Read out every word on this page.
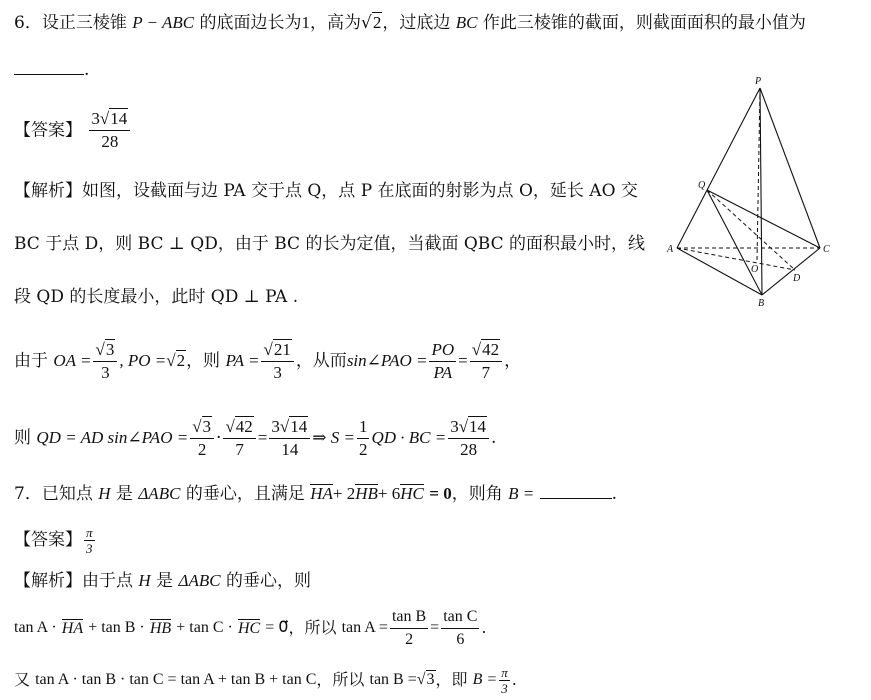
6．设正三棱锥 P − ABC 的底面边长为1，高为√2，过底边 BC 作此三棱锥的截面，则截面面积的最小值为
.
【答案】 $\frac{3√14}{28}$
【解析】如图，设截面与边 PA 交于点 Q，点 P 在底面的射影为点 O，延长 AO 交
BC 于点 D，则 BC ⊥ QD，由于 BC 的长为定值，当截面 QBC 的面积最小时，线
段 QD 的长度最小，此时 QD ⊥ PA .
由于
OA = $\frac{√3}{3}$ , PO = √2 ，则
PA = $\frac{√21}{3}$ ，从而 sin∠PAO = $\frac{PO}{PA} = \frac{√42}{7}$ ，
则
QD = AD sin∠PAO = $\frac{√3}{2} \cdot \frac{√42}{7} = \frac{3√14}{14}$ ⇒ $S = \frac{1}{2}$ QD · BC = $\frac{3√14}{28}$ .
7．已知点 H 是 ΔABC 的垂心，且满足 HA+ 2HB+ 6HC = 0，则角 B =	.
【答案】 $\frac{\pi}{3}$
【解析】由于点 H 是 ΔABC 的垂心，则
tan A ·
HA
+ tan B ·
HB
+ tan C ·
HC
= 0⃗ ，所以
$\tan A = \frac{\text{tan B}}{2} = \frac{\text{tan C}}{6}$ .
又
tan A · tan B · tan C = tan A + tan B + tan C ，所以
tan B = √3 ，即
$B = \frac{\pi}{3}$ .
P
Q
A	C
O
D
B
